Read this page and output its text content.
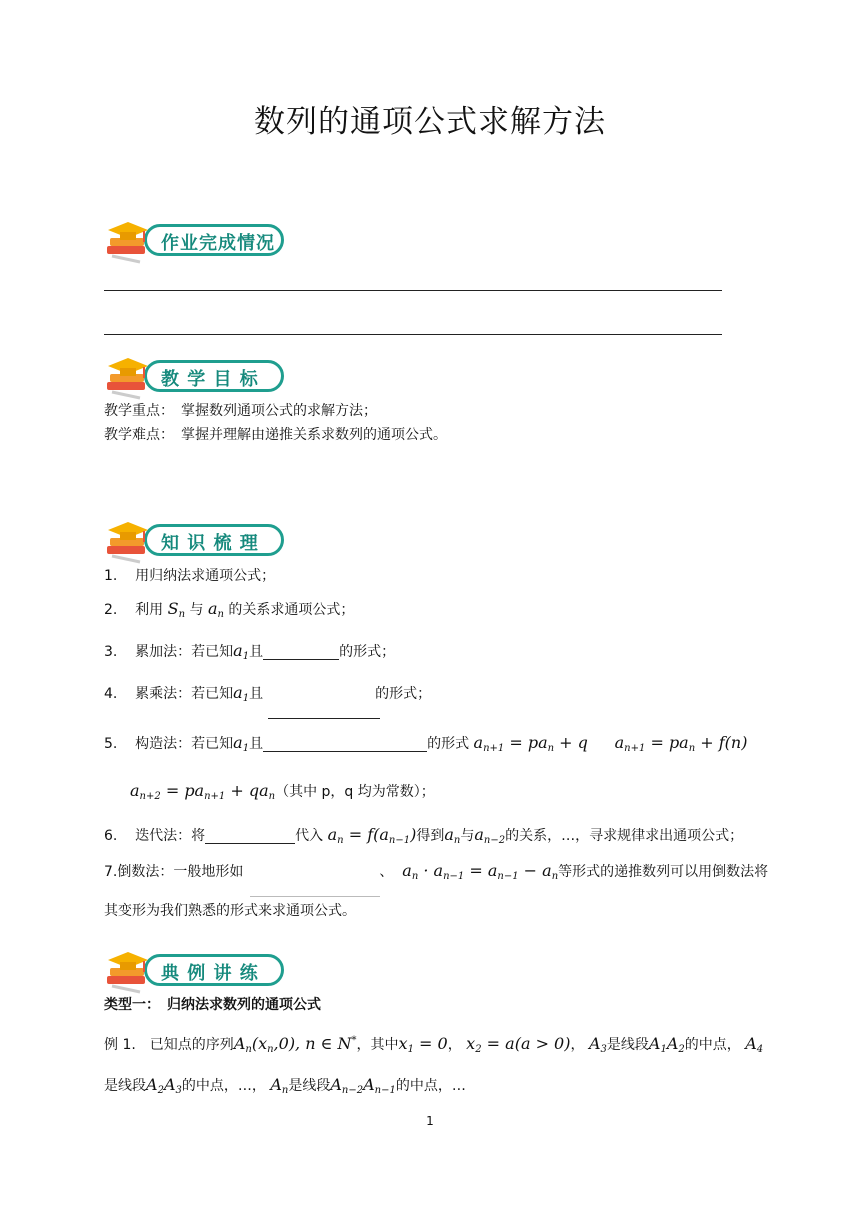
数列的通项公式求解方法
作业完成情况
教 学 目 标
教学重点：　 掌握数列通项公式的求解方法；
教学难点：　 掌握并理解由递推关系求数列的通项公式。
知 识 梳 理
1. 用归纳法求通项公式；
2. 利用 $S_n$ 与 $a_n$ 的关系求通项公式；
3. 累加法：若已知$a_1$且	的形式；
4. 累乘法：若已知$a_1$且	的形式；
5. 构造法：若已知$a_1$且	的形式 $a_{n+1} = pa_n + q$ $a_{n+1} = pa_n + f(n)$
$a_{n+2} = pa_{n+1} + qa_n$（其中 p，q 均为常数）；
6. 迭代法：将	代入 $a_n = f(a_{n-1})$得到$a_n$与$a_{n-2}$的关系，…，寻求规律求出通项公式；
7.倒数法：一般地形如	、 $a_n \cdot a_{n-1} = a_{n-1} - a_n$等形式的递推数列可以用倒数法将
其变形为我们熟悉的形式来求通项公式。
典 例 讲 练
类型一：　归纳法求数列的通项公式
例 1.　已知点的序列$A_n(x_n,0)$, n ∈ N*，其中$x_1 = 0$， $x_2 = a(a > 0)$， $A_3$是线段$A_1A_2$的中点， $A_4$
是线段$A_2A_3$的中点，…， $A_n$是线段$A_{n-2}A_{n-1}$的中点，…
1
